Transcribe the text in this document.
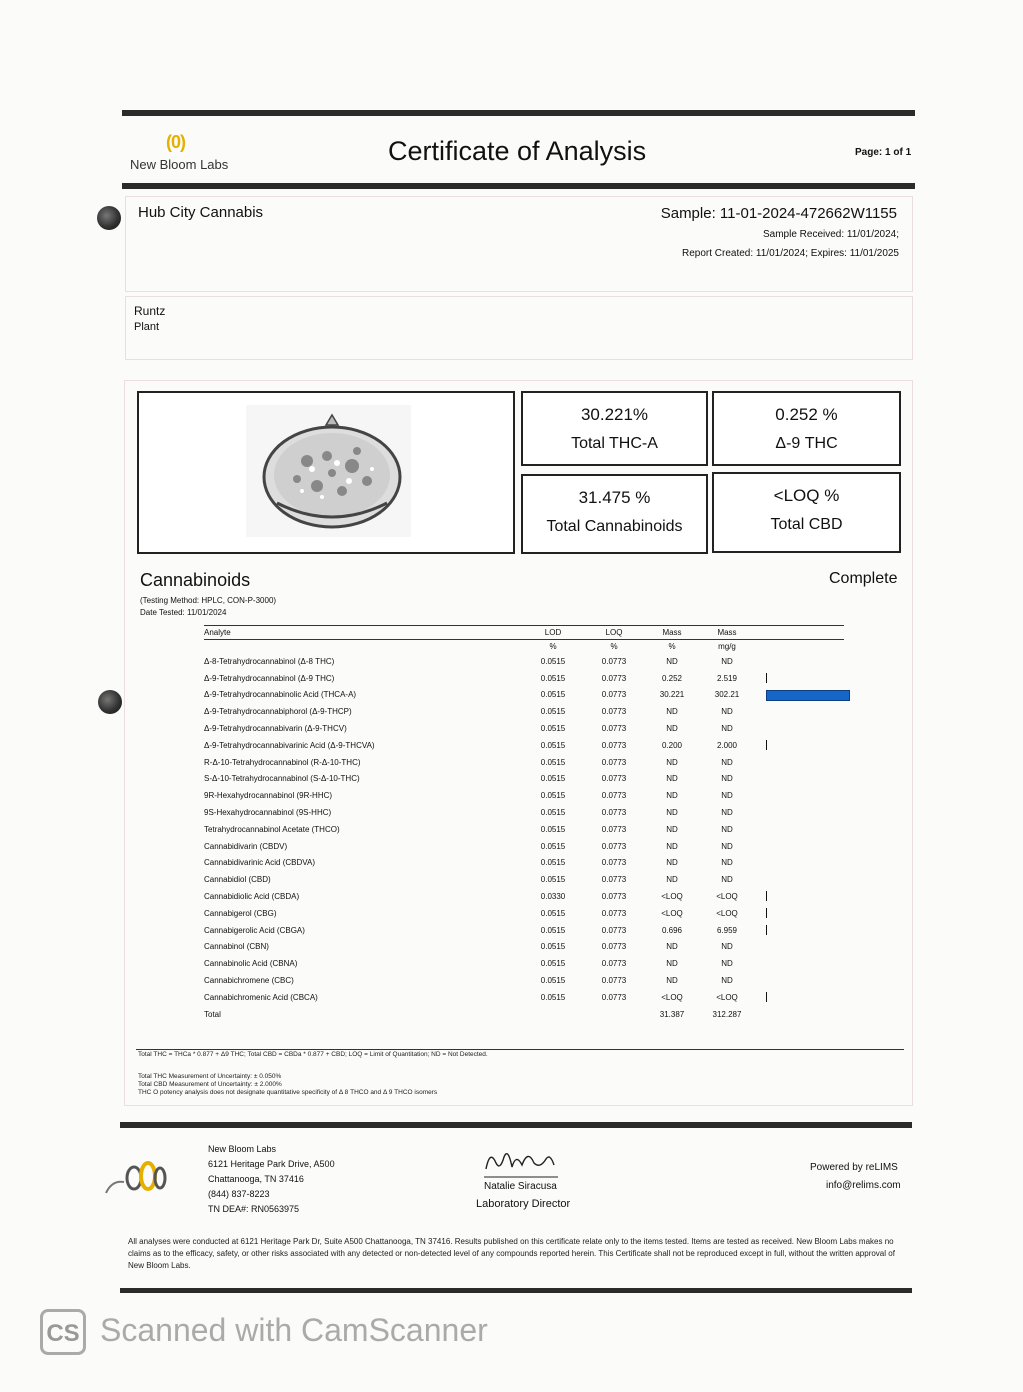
(0)
New Bloom Labs	Certificate of Analysis	Page: 1 of 1
Hub City Cannabis	Sample: 11-01-2024-472662W1155
Sample Received: 11/01/2024;
Report Created: 11/01/2024; Expires: 11/01/2025
Runtz
Plant
30.221%
Total THC-A
0.252 %
Δ-9 THC
31.475 %
Total Cannabinoids
<LOQ %
Total CBD
Cannabinoids	Complete
(Testing Method: HPLC, CON-P-3000)
Date Tested: 11/01/2024
Analyte	LOD	LOQ	Mass	Mass	
	%	%	%	mg/g	
Δ-8-Tetrahydrocannabinol (Δ-8 THC)	0.0515	0.0773	ND	ND	
Δ-9-Tetrahydrocannabinol (Δ-9 THC)	0.0515	0.0773	0.252	2.519	

Δ-9-Tetrahydrocannabinolic Acid (THCA-A)	0.0515	0.0773	30.221	302.21	

Δ-9-Tetrahydrocannabiphorol (Δ-9-THCP)	0.0515	0.0773	ND	ND	
Δ-9-Tetrahydrocannabivarin (Δ-9-THCV)	0.0515	0.0773	ND	ND	
Δ-9-Tetrahydrocannabivarinic Acid (Δ-9-THCVA)	0.0515	0.0773	0.200	2.000	

R-Δ-10-Tetrahydrocannabinol (R-Δ-10-THC)	0.0515	0.0773	ND	ND	
S-Δ-10-Tetrahydrocannabinol (S-Δ-10-THC)	0.0515	0.0773	ND	ND	
9R-Hexahydrocannabinol (9R-HHC)	0.0515	0.0773	ND	ND	
9S-Hexahydrocannabinol (9S-HHC)	0.0515	0.0773	ND	ND	
Tetrahydrocannabinol Acetate (THCO)	0.0515	0.0773	ND	ND	
Cannabidivarin (CBDV)	0.0515	0.0773	ND	ND	
Cannabidivarinic Acid (CBDVA)	0.0515	0.0773	ND	ND	
Cannabidiol (CBD)	0.0515	0.0773	ND	ND	
Cannabidiolic Acid (CBDA)	0.0330	0.0773	<LOQ	<LOQ	

Cannabigerol (CBG)	0.0515	0.0773	<LOQ	<LOQ	

Cannabigerolic Acid (CBGA)	0.0515	0.0773	0.696	6.959	

Cannabinol (CBN)	0.0515	0.0773	ND	ND	
Cannabinolic Acid (CBNA)	0.0515	0.0773	ND	ND	
Cannabichromene (CBC)	0.0515	0.0773	ND	ND	
Cannabichromenic Acid (CBCA)	0.0515	0.0773	<LOQ	<LOQ	

Total			31.387	312.287	
Total THC = THCa * 0.877 + Δ9 THC; Total CBD = CBDa * 0.877 + CBD; LOQ = Limit of Quantitation; ND = Not Detected.
Total THC Measurement of Uncertainty: ± 0.050%
Total CBD Measurement of Uncertainty: ± 2.000%
THC O potency analysis does not designate quantitative specificity of Δ 8 THCO and Δ 9 THCO isomers
New Bloom Labs
6121 Heritage Park Drive, A500
Chattanooga, TN 37416
(844) 837-8223
TN DEA#: RN0563975
Natalie Siracusa
Laboratory Director
Powered by reLIMS
info@relims.com
All analyses were conducted at 6121 Heritage Park Dr, Suite A500 Chattanooga, TN 37416. Results published on this certificate relate only to the items tested. Items are tested as received. New Bloom Labs makes no claims as to the efficacy, safety, or other risks associated with any detected or non-detected level of any compounds reported herein. This Certificate shall not be reproduced except in full, without the written approval of New Bloom Labs.
CS Scanned with CamScanner
